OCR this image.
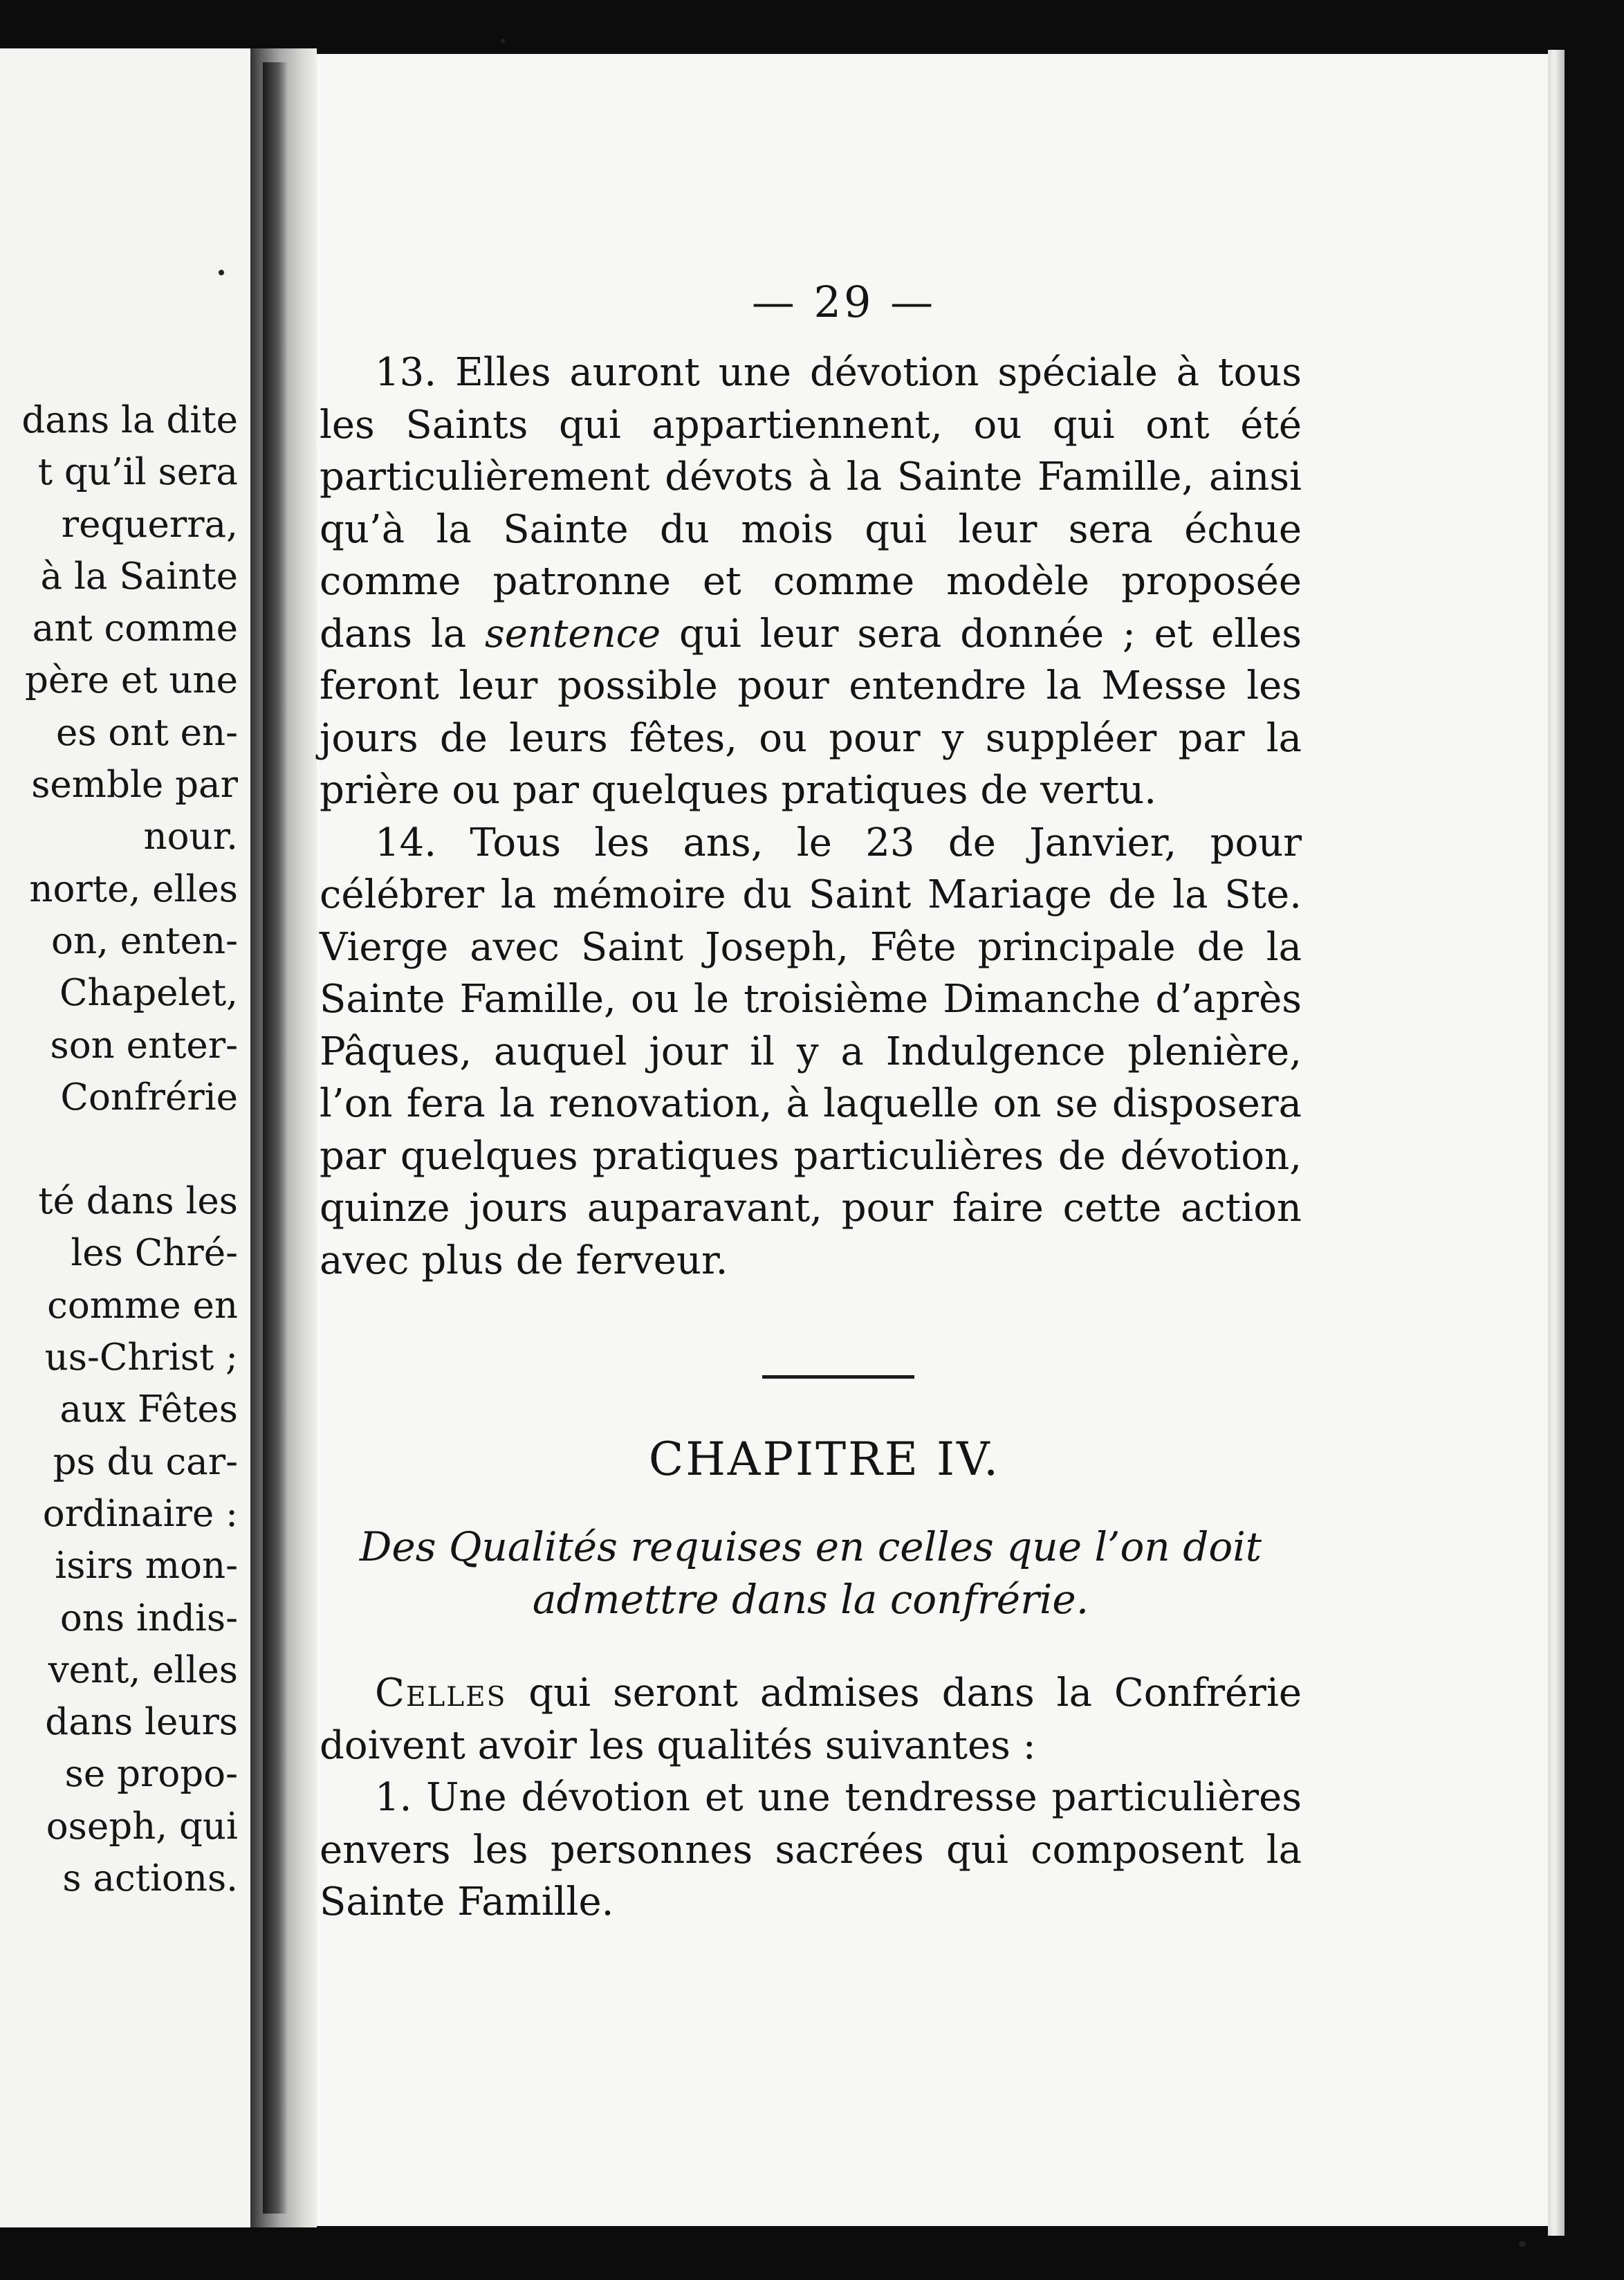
dans la dite
t qu’il sera
requerra,
à la Sainte
ant comme
père et une
es ont en-
semble par
nour.
norte, elles
on, enten-
Chapelet,
son enter-
Confrérie
té dans les
les Chré-
comme en
us-Christ ;
aux Fêtes
ps du car-
ordinaire :
isirs mon-
ons indis-
vent, elles
dans leurs
se propo-
oseph, qui
s actions.
— 29 —

13. Elles auront une dévotion spéciale à tous les Saints qui appartiennent, ou qui ont été particulièrement dévots à la Sainte Famille, ainsi qu’à la Sainte du mois qui leur sera échue comme patronne et comme modèle proposée dans la sentence qui leur sera donnée ; et elles feront leur possible pour entendre la Messe les jours de leurs fêtes, ou pour y suppléer par la prière ou par quelques pratiques de vertu.

14. Tous les ans, le 23 de Janvier, pour célébrer la mémoire du Saint Mariage de la Ste. Vierge avec Saint Joseph, Fête principale de la Sainte Famille, ou le troisième Dimanche d’après Pâques, auquel jour il y a Indulgence plenière, l’on fera la renovation, à laquelle on se disposera par quelques pratiques particulières de dévotion, quinze jours auparavant, pour faire cette action avec plus de ferveur.

CHAPITRE IV.
Des Qualités requises en celles que l’on doit admettre dans la confrérie.

Celles qui seront admises dans la Confrérie doivent avoir les qualités suivantes :

1. Une dévotion et une tendresse particulières envers les personnes sacrées qui composent la Sainte Famille.
